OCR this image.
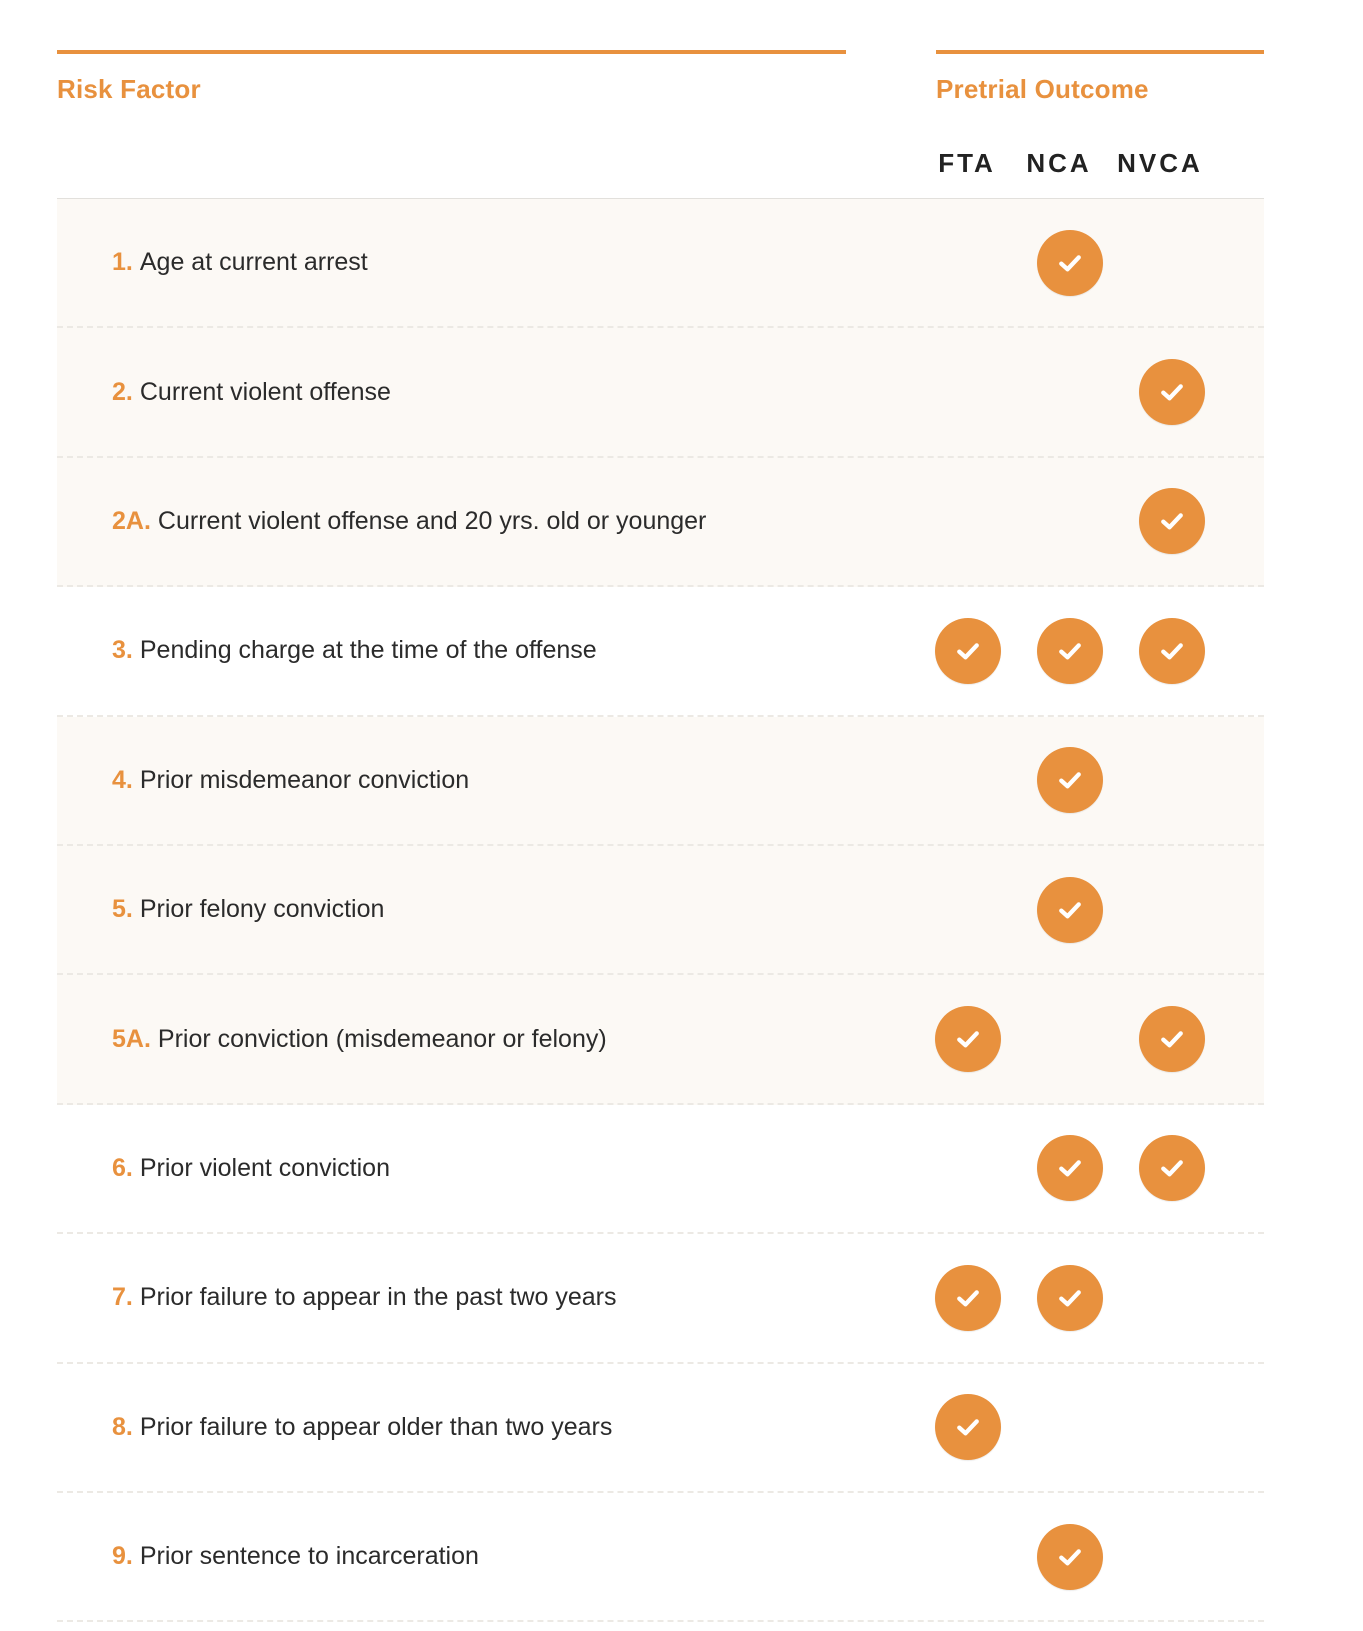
Risk Factor	Pretrial Outcome
FTA	NCA NVCA
1. Age at current arrest
2. Current violent offense
2A. Current violent offense and 20 yrs. old or younger
3. Pending charge at the time of the offense
4. Prior misdemeanor conviction
5. Prior felony conviction
5A. Prior conviction (misdemeanor or felony)
6. Prior violent conviction
7. Prior failure to appear in the past two years
8. Prior failure to appear older than two years
9. Prior sentence to incarceration
